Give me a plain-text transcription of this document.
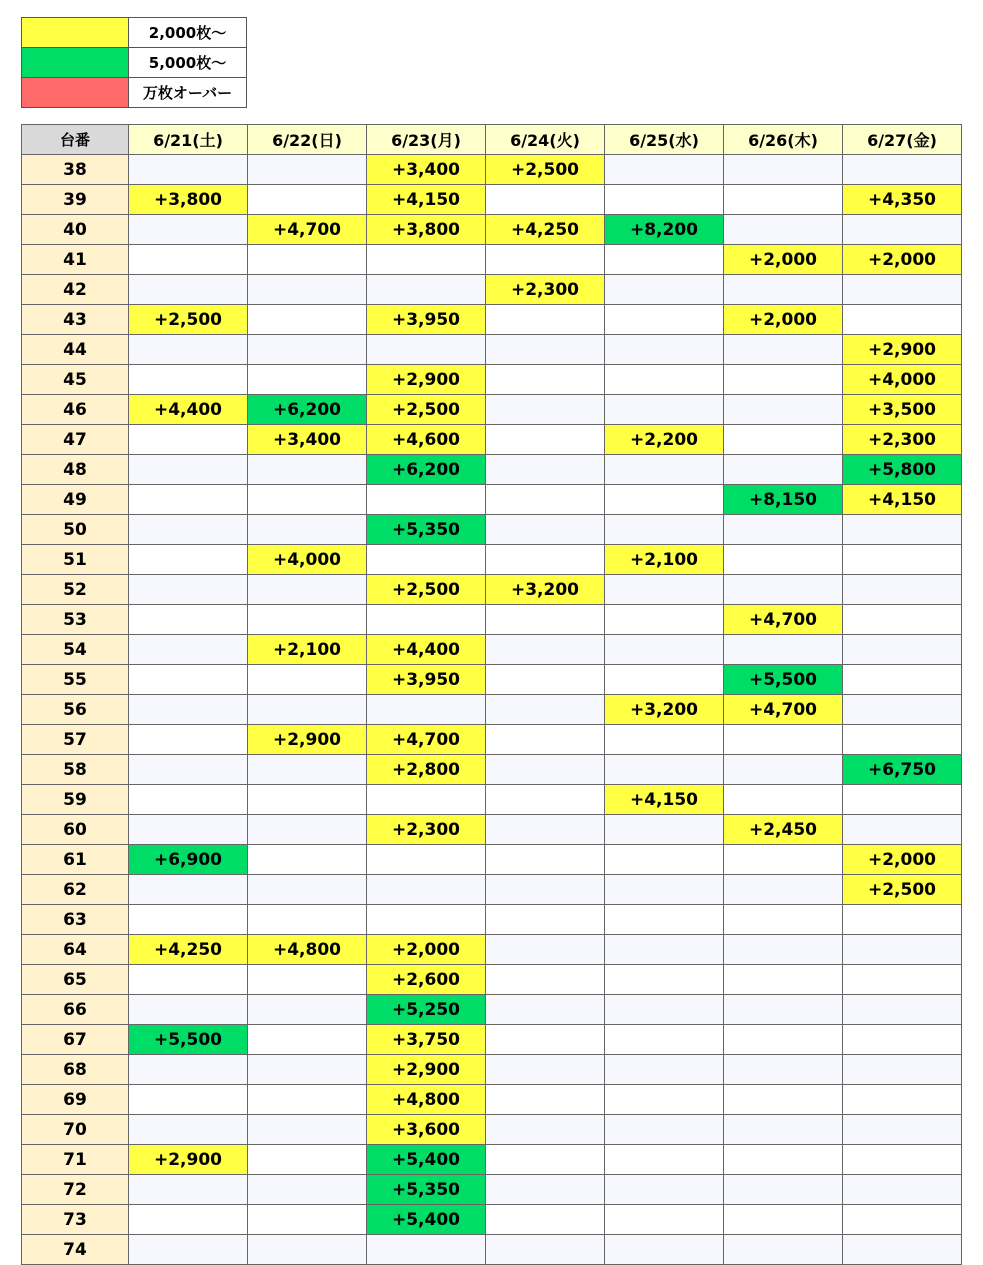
	2,000枚～
	5,000枚～
	万枚オーバー
台番	6/21(土)	6/22(日)	6/23(月)	6/24(火)	6/25(水)	6/26(木)	6/27(金)
38			+3,400	+2,500			
39	+3,800		+4,150				+4,350
40		+4,700	+3,800	+4,250	+8,200		
41						+2,000	+2,000
42				+2,300			
43	+2,500		+3,950			+2,000	
44							+2,900
45			+2,900				+4,000
46	+4,400	+6,200	+2,500				+3,500
47		+3,400	+4,600		+2,200		+2,300
48			+6,200				+5,800
49						+8,150	+4,150
50			+5,350				
51		+4,000			+2,100		
52			+2,500	+3,200			
53						+4,700	
54		+2,100	+4,400				
55			+3,950			+5,500	
56					+3,200	+4,700	
57		+2,900	+4,700				
58			+2,800				+6,750
59					+4,150		
60			+2,300			+2,450	
61	+6,900						+2,000
62							+2,500
63							
64	+4,250	+4,800	+2,000				
65			+2,600				
66			+5,250				
67	+5,500		+3,750				
68			+2,900				
69			+4,800				
70			+3,600				
71	+2,900		+5,400				
72			+5,350				
73			+5,400				
74							
